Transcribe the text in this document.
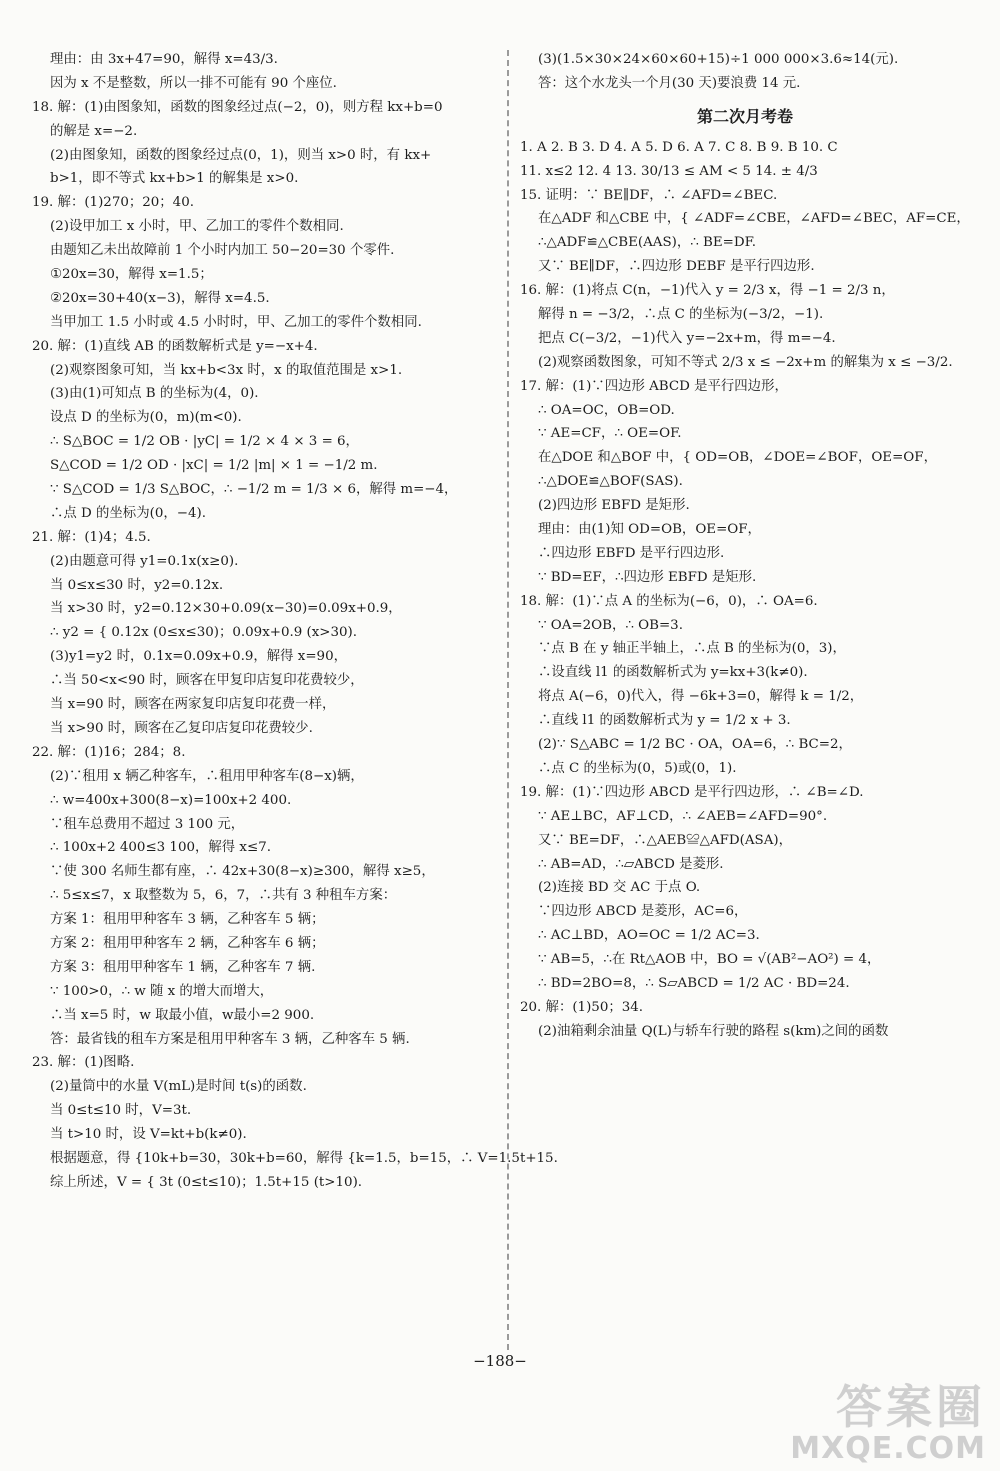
理由：由 3x+47=90，解得 x=43/3.
因为 x 不是整数，所以一排不可能有 90 个座位.
18. 解：(1)由图象知，函数的图象经过点(−2，0)，则方程 kx+b=0
的解是 x=−2.
(2)由图象知，函数的图象经过点(0，1)，则当 x>0 时，有 kx+
b>1，即不等式 kx+b>1 的解集是 x>0.
19. 解：(1)270；20；40.
(2)设甲加工 x 小时，甲、乙加工的零件个数相同.
由题知乙未出故障前 1 个小时内加工 50−20=30 个零件.
①20x=30，解得 x=1.5；
②20x=30+40(x−3)，解得 x=4.5.
当甲加工 1.5 小时或 4.5 小时时，甲、乙加工的零件个数相同.
20. 解：(1)直线 AB 的函数解析式是 y=−x+4.
(2)观察图象可知，当 kx+b<3x 时，x 的取值范围是 x>1.
(3)由(1)可知点 B 的坐标为(4，0).
设点 D 的坐标为(0，m)(m<0).
∴ S△BOC = 1/2 OB · |yC| = 1/2 × 4 × 3 = 6，
S△COD = 1/2 OD · |xC| = 1/2 |m| × 1 = −1/2 m.
∵ S△COD = 1/3 S△BOC，∴ −1/2 m = 1/3 × 6，解得 m=−4，
∴点 D 的坐标为(0，−4).
21. 解：(1)4；4.5.
(2)由题意可得 y1=0.1x(x≥0).
当 0≤x≤30 时，y2=0.12x.
当 x>30 时，y2=0.12×30+0.09(x−30)=0.09x+0.9，
∴ y2 = { 0.12x (0≤x≤30)；0.09x+0.9 (x>30).
(3)y1=y2 时，0.1x=0.09x+0.9，解得 x=90，
∴当 50<x<90 时，顾客在甲复印店复印花费较少，
当 x=90 时，顾客在两家复印店复印花费一样，
当 x>90 时，顾客在乙复印店复印花费较少.
22. 解：(1)16；284；8.
(2)∵租用 x 辆乙种客车，∴租用甲种客车(8−x)辆，
∴ w=400x+300(8−x)=100x+2 400.
∵租车总费用不超过 3 100 元，
∴ 100x+2 400≤3 100，解得 x≤7.
∵使 300 名师生都有座，∴ 42x+30(8−x)≥300，解得 x≥5，
∴ 5≤x≤7，x 取整数为 5，6，7，∴共有 3 种租车方案：
方案 1：租用甲种客车 3 辆，乙种客车 5 辆；
方案 2：租用甲种客车 2 辆，乙种客车 6 辆；
方案 3：租用甲种客车 1 辆，乙种客车 7 辆.
∵ 100>0，∴ w 随 x 的增大而增大，
∴当 x=5 时，w 取最小值，w最小=2 900.
答：最省钱的租车方案是租用甲种客车 3 辆，乙种客车 5 辆.
23. 解：(1)图略.
(2)量筒中的水量 V(mL)是时间 t(s)的函数.
当 0≤t≤10 时，V=3t.
当 t>10 时，设 V=kt+b(k≠0).
根据题意，得 {10k+b=30，30k+b=60，解得 {k=1.5，b=15，∴ V=1.5t+15.
综上所述，V = { 3t (0≤t≤10)；1.5t+15 (t>10).
(3)(1.5×30×24×60×60+15)÷1 000 000×3.6≈14(元).
答：这个水龙头一个月(30 天)要浪费 14 元.
第二次月考卷
1. A 2. B 3. D 4. A 5. D 6. A 7. C 8. B 9. B 10. C
11. x≤2 12. 4 13. 30/13 ≤ AM < 5 14. ± 4/3
15. 证明：∵ BE∥DF，∴ ∠AFD=∠BEC.
在△ADF 和△CBE 中，{ ∠ADF=∠CBE，∠AFD=∠BEC，AF=CE，
∴△ADF≌△CBE(AAS)，∴ BE=DF.
又∵ BE∥DF，∴四边形 DEBF 是平行四边形.
16. 解：(1)将点 C(n，−1)代入 y = 2/3 x，得 −1 = 2/3 n，
解得 n = −3/2，∴点 C 的坐标为(−3/2，−1).
把点 C(−3/2，−1)代入 y=−2x+m，得 m=−4.
(2)观察函数图象，可知不等式 2/3 x ≤ −2x+m 的解集为 x ≤ −3/2.
17. 解：(1)∵四边形 ABCD 是平行四边形，
∴ OA=OC，OB=OD.
∵ AE=CF，∴ OE=OF.
在△DOE 和△BOF 中，{ OD=OB，∠DOE=∠BOF，OE=OF，
∴△DOE≌△BOF(SAS).
(2)四边形 EBFD 是矩形.
理由：由(1)知 OD=OB，OE=OF，
∴四边形 EBFD 是平行四边形.
∵ BD=EF，∴四边形 EBFD 是矩形.
18. 解：(1)∵点 A 的坐标为(−6，0)，∴ OA=6.
∵ OA=2OB，∴ OB=3.
∵点 B 在 y 轴正半轴上，∴点 B 的坐标为(0，3)，
∴设直线 l1 的函数解析式为 y=kx+3(k≠0).
将点 A(−6，0)代入，得 −6k+3=0，解得 k = 1/2，
∴直线 l1 的函数解析式为 y = 1/2 x + 3.
(2)∵ S△ABC = 1/2 BC · OA，OA=6，∴ BC=2，
∴点 C 的坐标为(0，5)或(0，1).
19. 解：(1)∵四边形 ABCD 是平行四边形，∴ ∠B=∠D.
∵ AE⊥BC，AF⊥CD，∴ ∠AEB=∠AFD=90°.
又∵ BE=DF，∴△AEB≌△AFD(ASA)，
∴ AB=AD，∴▱ABCD 是菱形.
(2)连接 BD 交 AC 于点 O.
∵四边形 ABCD 是菱形，AC=6，
∴ AC⊥BD，AO=OC = 1/2 AC=3.
∵ AB=5，∴在 Rt△AOB 中，BO = √(AB²−AO²) = 4，
∴ BD=2BO=8，∴ S▱ABCD = 1/2 AC · BD=24.
20. 解：(1)50；34.
(2)油箱剩余油量 Q(L)与轿车行驶的路程 s(km)之间的函数
−188−
答案圈
MXQE.COM
